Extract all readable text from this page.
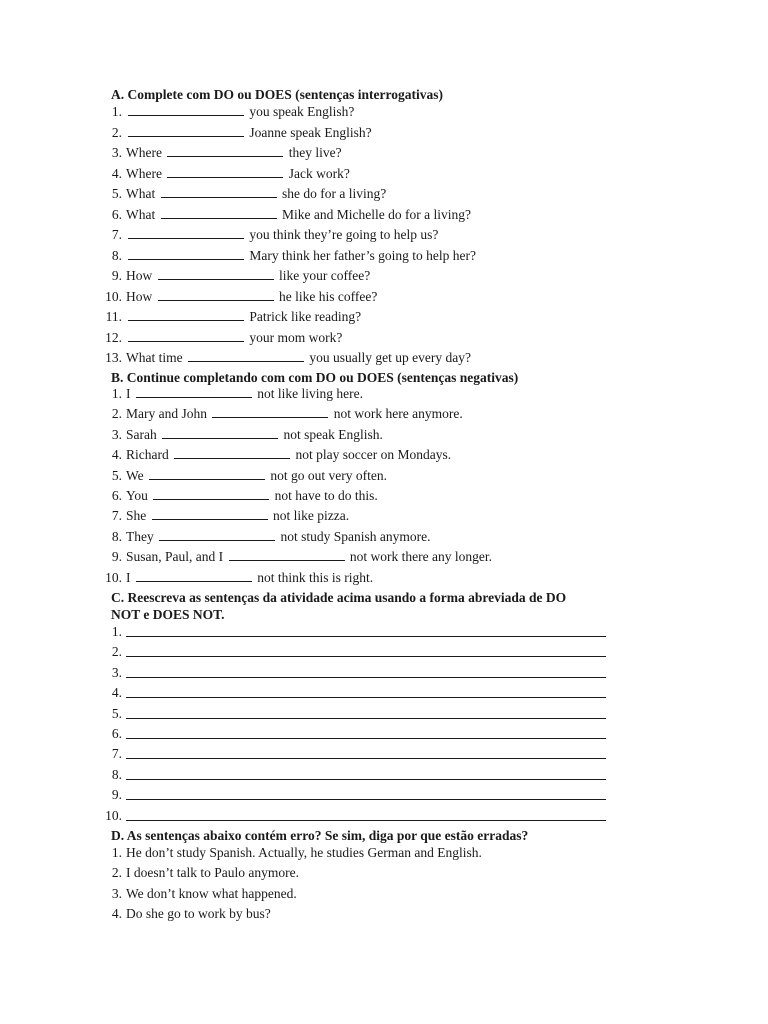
A. Complete com DO ou DOES (sentenças interrogativas)
1.	you speak English?
2.	Joanne speak English?
3. Where	they live?
4. Where	Jack work?
5. What	she do for a living?
6. What	Mike and Michelle do for a living?
7.	you think they’re going to help us?
8.	Mary think her father’s going to help her?
9. How	like your coffee?
10. How	he like his coffee?
11.	Patrick like reading?
12.	your mom work?
13. What time	you usually get up every day?
B. Continue completando com com DO ou DOES (sentenças negativas)
1. I	not like living here.
2. Mary and John	not work here anymore.
3. Sarah	not speak English.
4. Richard	not play soccer on Mondays.
5. We	not go out very often.
6. You	not have to do this.
7. She	not like pizza.
8. They	not study Spanish anymore.
9. Susan, Paul, and I	not work there any longer.
10. I	not think this is right.
C. Reescreva as sentenças da atividade acima usando a forma abreviada de DO
NOT e DOES NOT.
1.
2.
3.
4.
5.
6.
7.
8.
9.
10.
D. As sentenças abaixo contém erro? Se sim, diga por que estão erradas?
1. He don’t study Spanish. Actually, he studies German and English.
2. I doesn’t talk to Paulo anymore.
3. We don’t know what happened.
4. Do she go to work by bus?
